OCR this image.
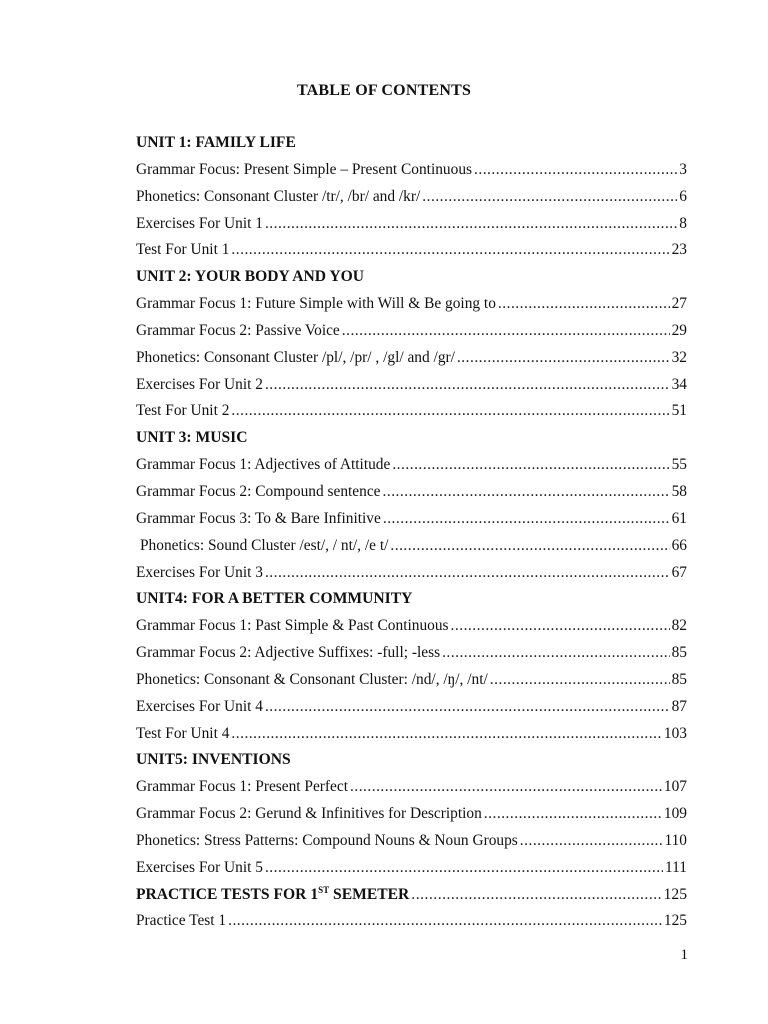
TABLE OF CONTENTS
UNIT 1: FAMILY LIFE
Grammar Focus: Present Simple – Present Continuous .....	3
Phonetics: Consonant Cluster /tr/, /br/ and /kr/ .....	6
Exercises For Unit 1 .....	8
Test For Unit 1 .....	23
UNIT 2: YOUR BODY AND YOU
Grammar Focus 1: Future Simple with Will & Be going to .....	27
Grammar Focus 2: Passive Voice .....	29
Phonetics: Consonant Cluster /pl/, /pr/ , /gl/ and /gr/ .....	32
Exercises For Unit 2 .....	34
Test For Unit 2 .....	51
UNIT 3: MUSIC
Grammar Focus 1: Adjectives of Attitude .....	55
Grammar Focus 2: Compound sentence .....	58
Grammar Focus 3: To & Bare Infinitive .....	61
Phonetics: Sound Cluster /est/, / nt/, /e t/ .....	66
Exercises For Unit 3 .....	67
UNIT4: FOR A BETTER COMMUNITY
Grammar Focus 1: Past Simple & Past Continuous .....	82
Grammar Focus 2: Adjective Suffixes: -full; -less .....	85
Phonetics: Consonant & Consonant Cluster: /nd/, /ŋ/, /nt/ .....	85
Exercises For Unit 4 .....	87
Test For Unit 4 .....	103
UNIT5: INVENTIONS
Grammar Focus 1: Present Perfect .....	107
Grammar Focus 2: Gerund & Infinitives for Description .....	109
Phonetics: Stress Patterns: Compound Nouns & Noun Groups .....	110
Exercises For Unit 5 .....	111
PRACTICE TESTS FOR 1ST SEMETER .....	125
Practice Test 1 .....	125
1
